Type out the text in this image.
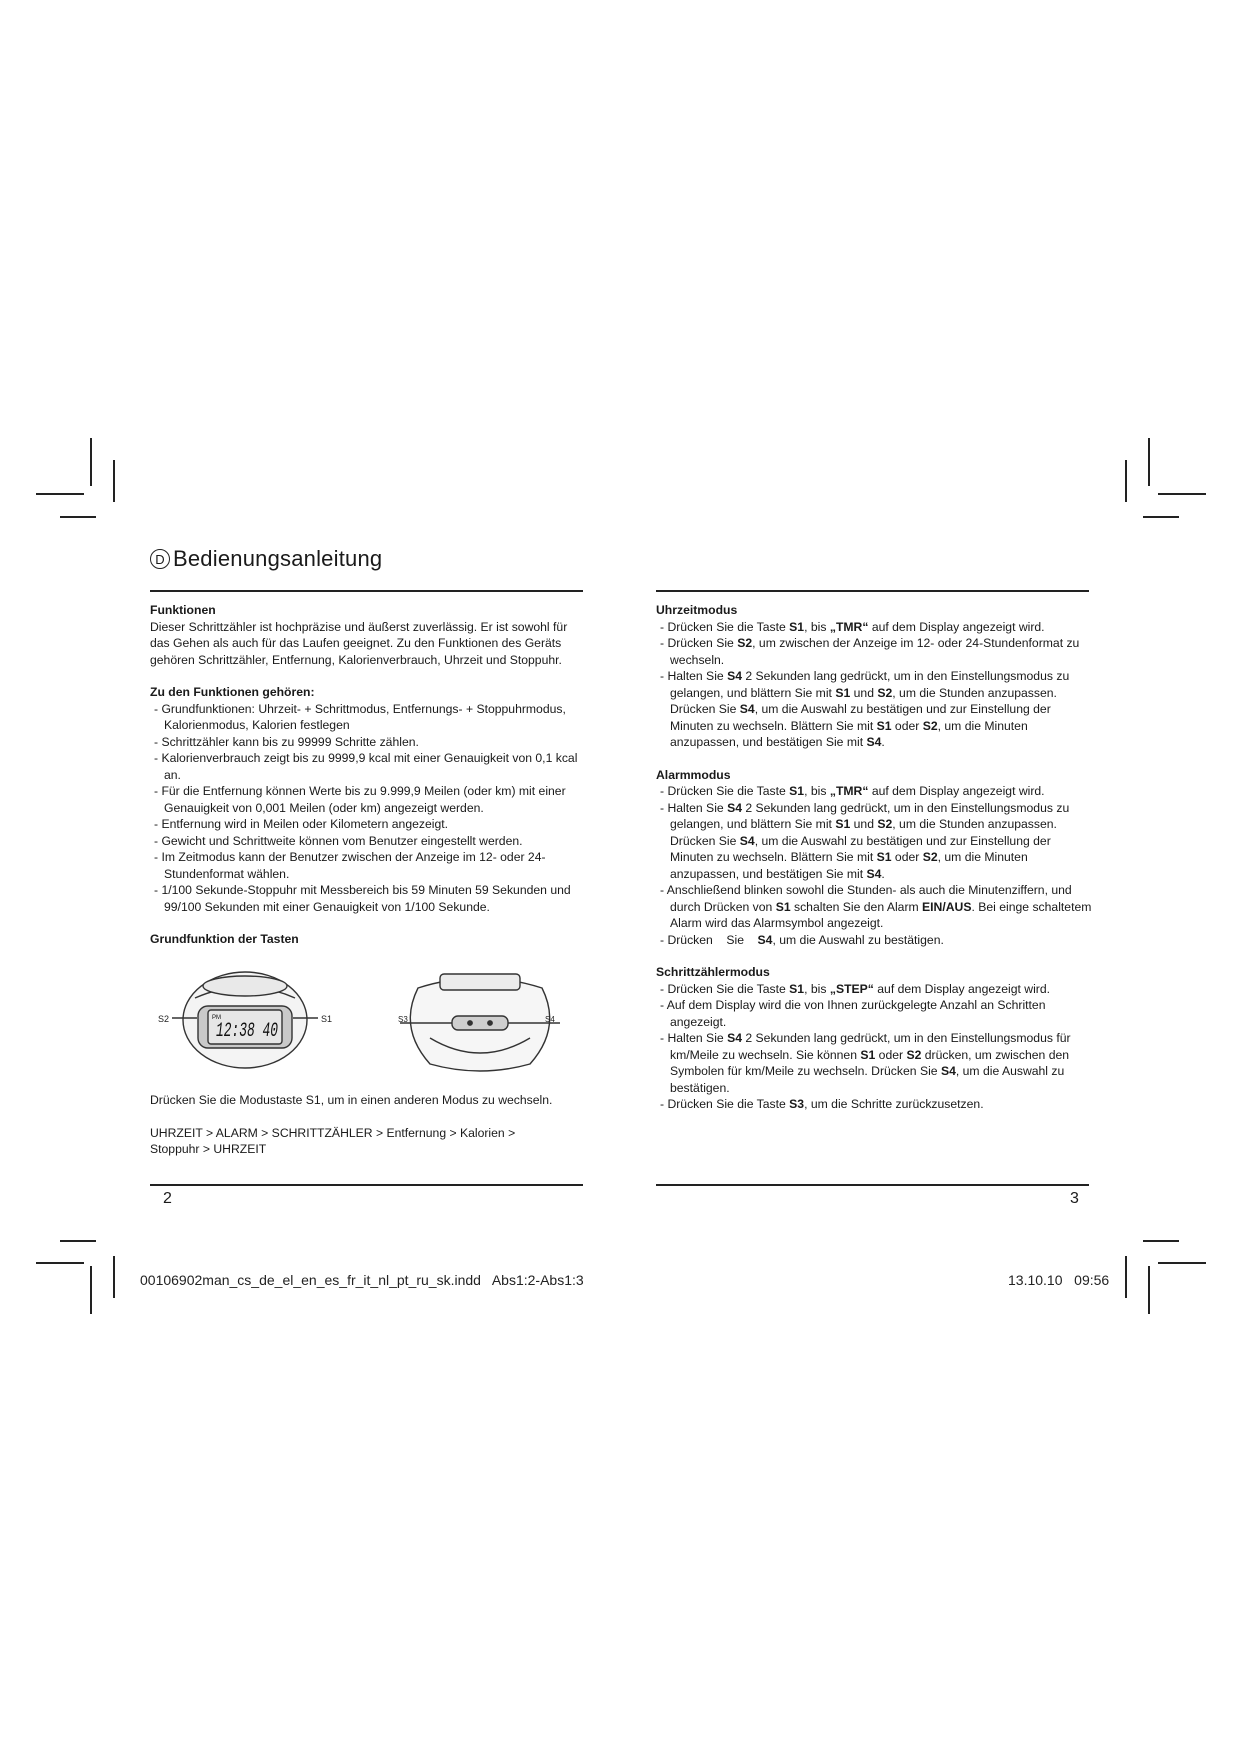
D Bedienungsanleitung

Funktionen

Dieser Schrittzähler ist hochpräzise und äußerst zuverlässig. Er ist sowohl für das Gehen als auch für das Laufen geeignet. Zu den Funktionen des Geräts gehören Schrittzähler, Entfernung, Kalorienverbrauch, Uhrzeit und Stoppuhr.

Zu den Funktionen gehören:

- Grundfunktionen: Uhrzeit- + Schrittmodus, Entfernungs- + Stoppuhrmodus, Kalorienmodus, Kalorien festlegen

- Schrittzähler kann bis zu 99999 Schritte zählen.

- Kalorienverbrauch zeigt bis zu 9999,9 kcal mit einer Genauigkeit von 0,1 kcal an.

- Für die Entfernung können Werte bis zu 9.999,9 Meilen (oder km) mit einer Genauigkeit von 0,001 Meilen (oder km) angezeigt werden.

- Entfernung wird in Meilen oder Kilometern angezeigt.

- Gewicht und Schrittweite können vom Benutzer eingestellt werden.

- Im Zeitmodus kann der Benutzer zwischen der Anzeige im 12- oder 24-Stundenformat wählen.

- 1/100 Sekunde-Stoppuhr mit Messbereich bis 59 Minuten 59 Sekunden und 99/100 Sekunden mit einer Genauigkeit von 1/100 Sekunde.

Grundfunktion der Tasten

PM
12:38 40
S2	S1	S3	S4

Drücken Sie die Modustaste S1, um in einen anderen Modus zu wechseln.

UHRZEIT > ALARM > SCHRITTZÄHLER > Entfernung > Kalorien > Stoppuhr > UHRZEIT

Uhrzeitmodus

- Drücken Sie die Taste S1, bis „TMR“ auf dem Display angezeigt wird.

- Drücken Sie S2, um zwischen der Anzeige im 12- oder 24-Stundenformat zu    wechseln.

- Halten Sie S4 2 Sekunden lang gedrückt, um in den Einstellungsmodus zu gelangen, und blättern Sie mit S1 und S2, um die Stunden anzupassen. Drücken Sie S4, um die Auswahl zu bestätigen und zur Einstellung der Minuten zu wechseln. Blättern Sie mit S1 oder S2, um die Minuten anzupassen, und bestätigen Sie mit S4.

Alarmmodus

- Drücken Sie die Taste S1, bis „TMR“ auf dem Display angezeigt wird.

- Halten Sie S4 2 Sekunden lang gedrückt, um in den Einstellungsmodus zu gelangen, und blättern Sie mit S1 und S2, um die Stunden anzupassen. Drücken Sie S4, um die Auswahl zu bestätigen und zur Einstellung der Minuten zu wechseln. Blättern Sie mit S1 oder S2, um die Minuten anzupassen, und bestätigen Sie mit S4.

- Anschließend blinken sowohl die Stunden- als auch die Minutenziffern, und durch Drücken von S1 schalten Sie den Alarm EIN/AUS. Bei einge schaltetem Alarm wird das Alarmsymbol angezeigt.

- Drücken    Sie    S4, um die Auswahl zu bestätigen.

Schrittzählermodus

- Drücken Sie die Taste S1, bis „STEP“ auf dem Display angezeigt wird.

- Auf dem Display wird die von Ihnen zurückgelegte Anzahl an Schritten angezeigt.

- Halten Sie S4 2 Sekunden lang gedrückt, um in den Einstellungsmodus für km/Meile zu wechseln. Sie können S1 oder S2 drücken, um zwischen den Symbolen für km/Meile zu wechseln. Drücken Sie S4, um die Auswahl zu bestätigen.

- Drücken Sie die Taste S3, um die Schritte zurückzusetzen.

2	3
00106902man_cs_de_el_en_es_fr_it_nl_pt_ru_sk.indd   Abs1:2-Abs1:3	13.10.10   09:56
